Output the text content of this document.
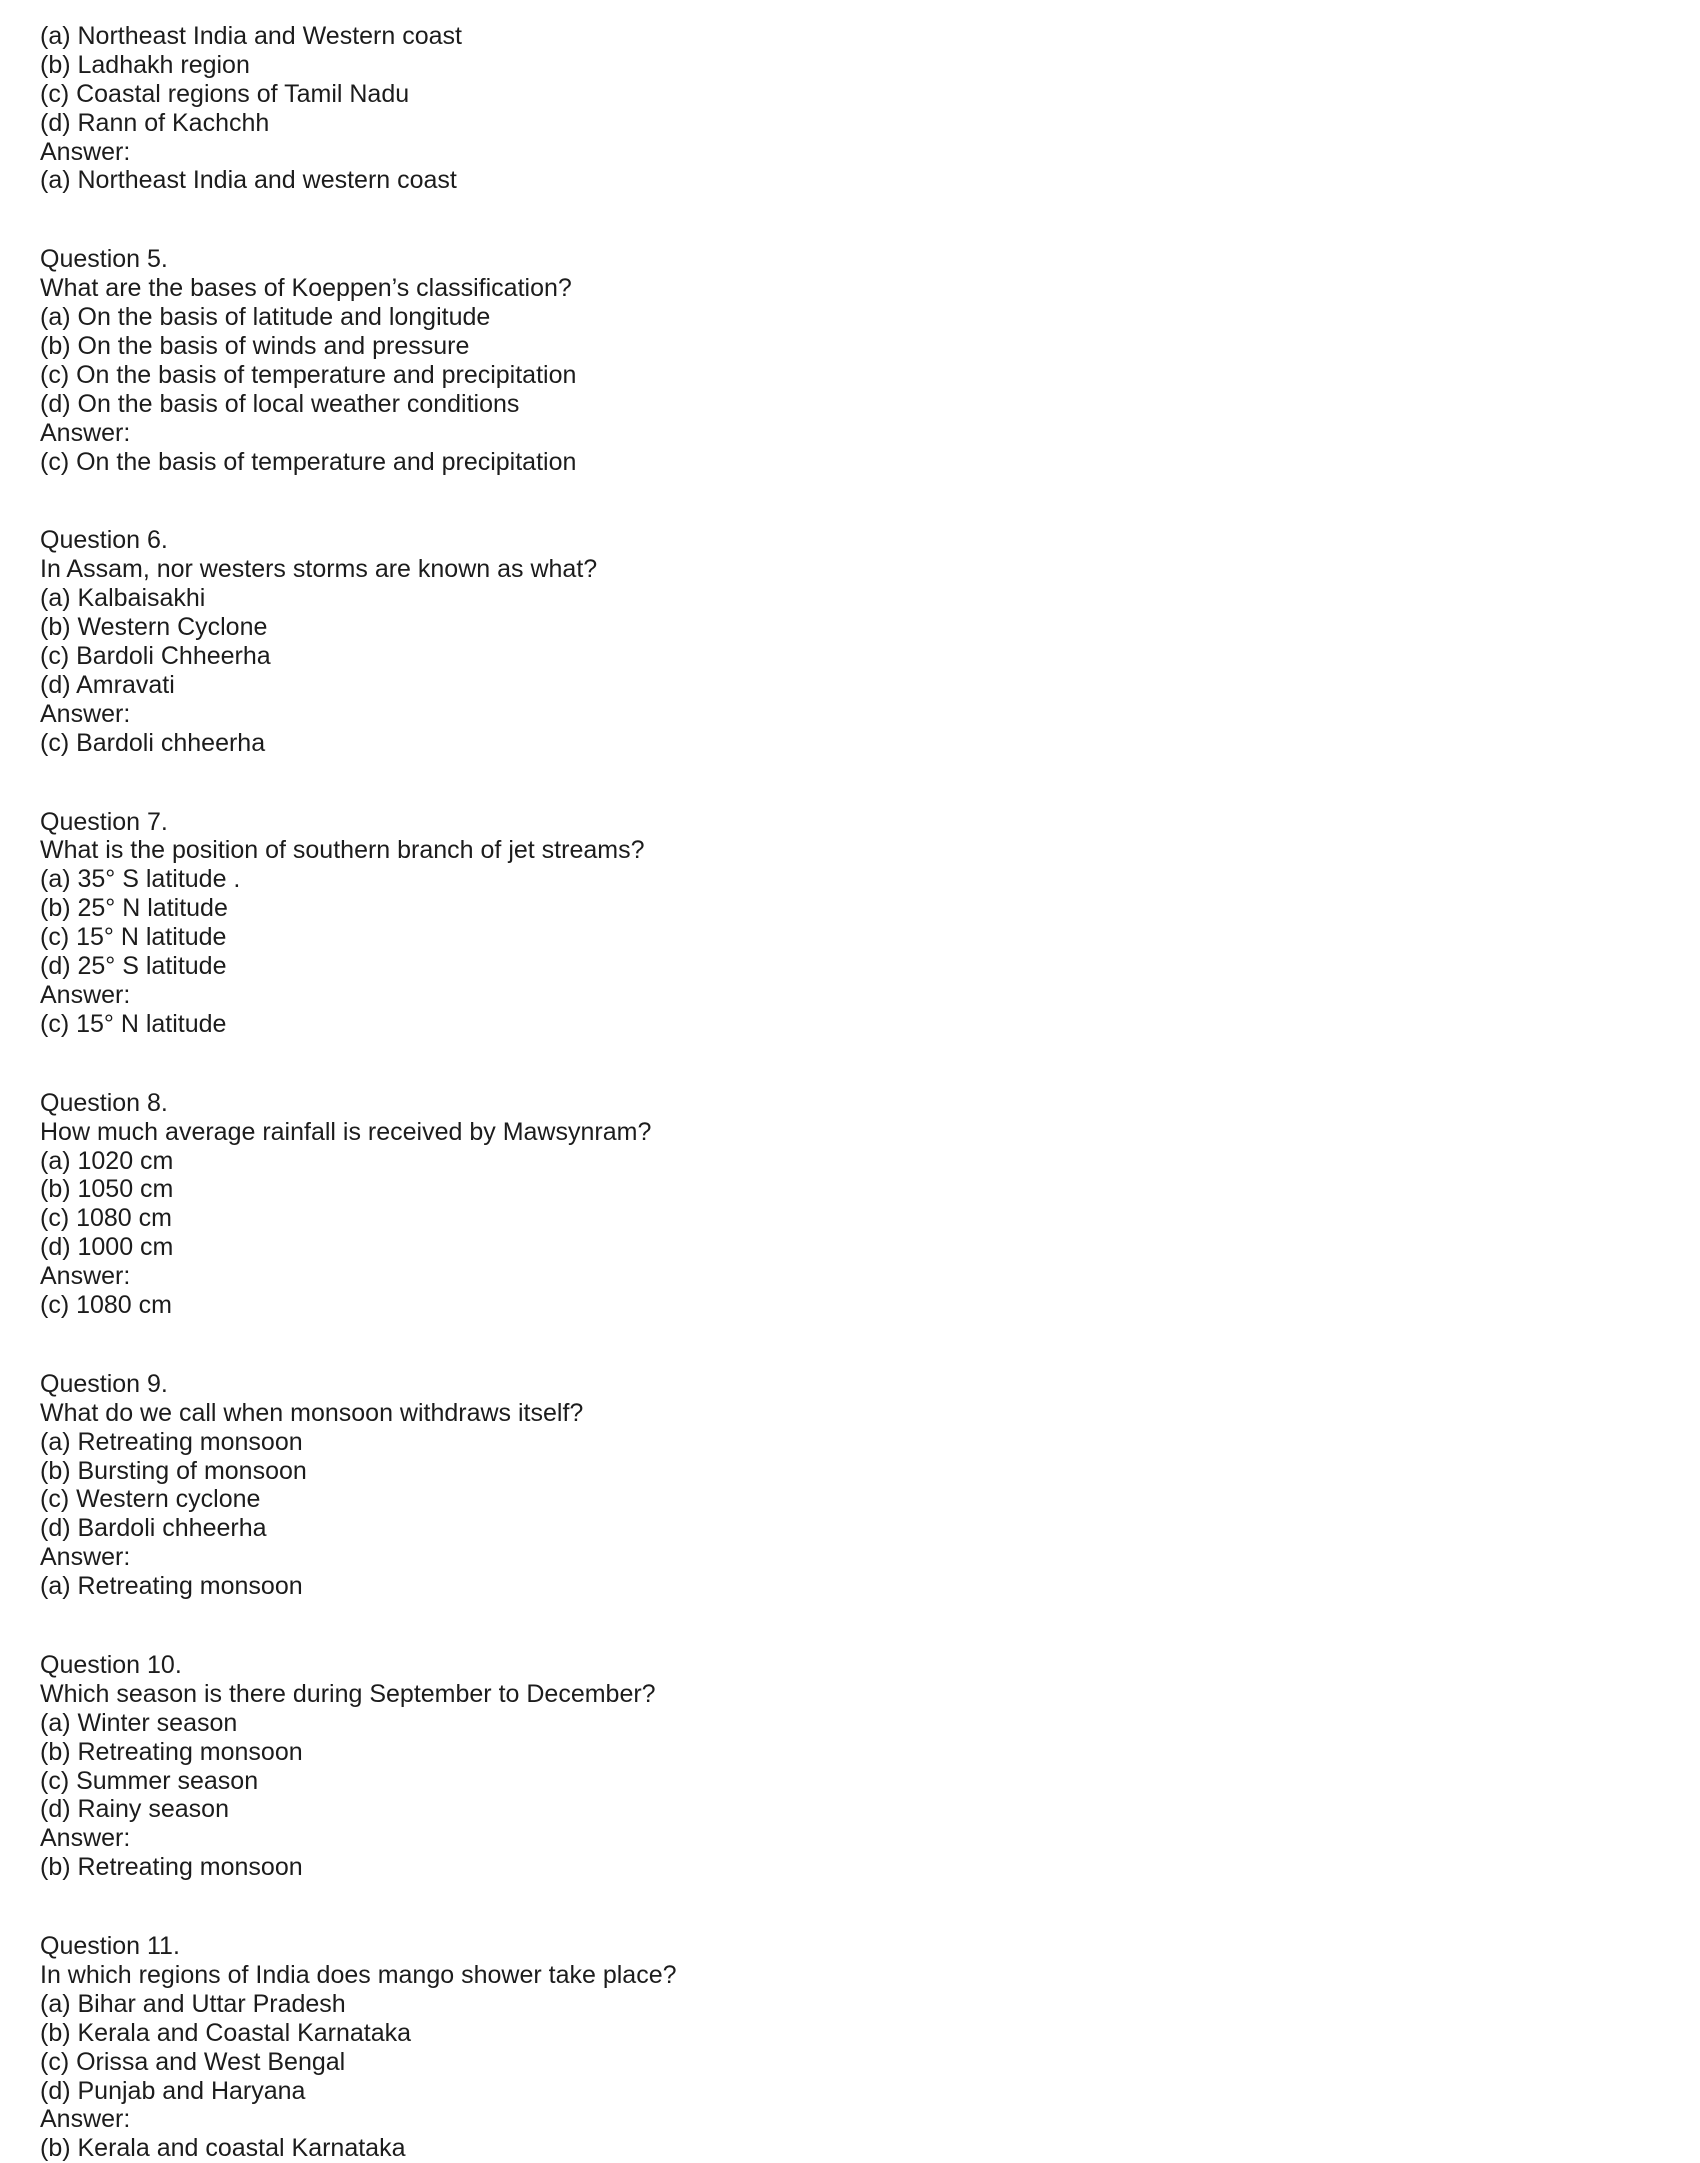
(a) Northeast India and Western coast
(b) Ladhakh region
(c) Coastal regions of Tamil Nadu
(d) Rann of Kachchh
Answer:
(a) Northeast India and western coast
Question 5.
What are the bases of Koeppen’s classification?
(a) On the basis of latitude and longitude
(b) On the basis of winds and pressure
(c) On the basis of temperature and precipitation
(d) On the basis of local weather conditions
Answer:
(c) On the basis of temperature and precipitation
Question 6.
In Assam, nor westers storms are known as what?
(a) Kalbaisakhi
(b) Western Cyclone
(c) Bardoli Chheerha
(d) Amravati
Answer:
(c) Bardoli chheerha
Question 7.
What is the position of southern branch of jet streams?
(a) 35° S latitude .
(b) 25° N latitude
(c) 15° N latitude
(d) 25° S latitude
Answer:
(c) 15° N latitude
Question 8.
How much average rainfall is received by Mawsynram?
(a) 1020 cm
(b) 1050 cm
(c) 1080 cm
(d) 1000 cm
Answer:
(c) 1080 cm
Question 9.
What do we call when monsoon withdraws itself?
(a) Retreating monsoon
(b) Bursting of monsoon
(c) Western cyclone
(d) Bardoli chheerha
Answer:
(a) Retreating monsoon
Question 10.
Which season is there during September to December?
(a) Winter season
(b) Retreating monsoon
(c) Summer season
(d) Rainy season
Answer:
(b) Retreating monsoon
Question 11.
In which regions of India does mango shower take place?
(a) Bihar and Uttar Pradesh
(b) Kerala and Coastal Karnataka
(c) Orissa and West Bengal
(d) Punjab and Haryana
Answer:
(b) Kerala and coastal Karnataka
